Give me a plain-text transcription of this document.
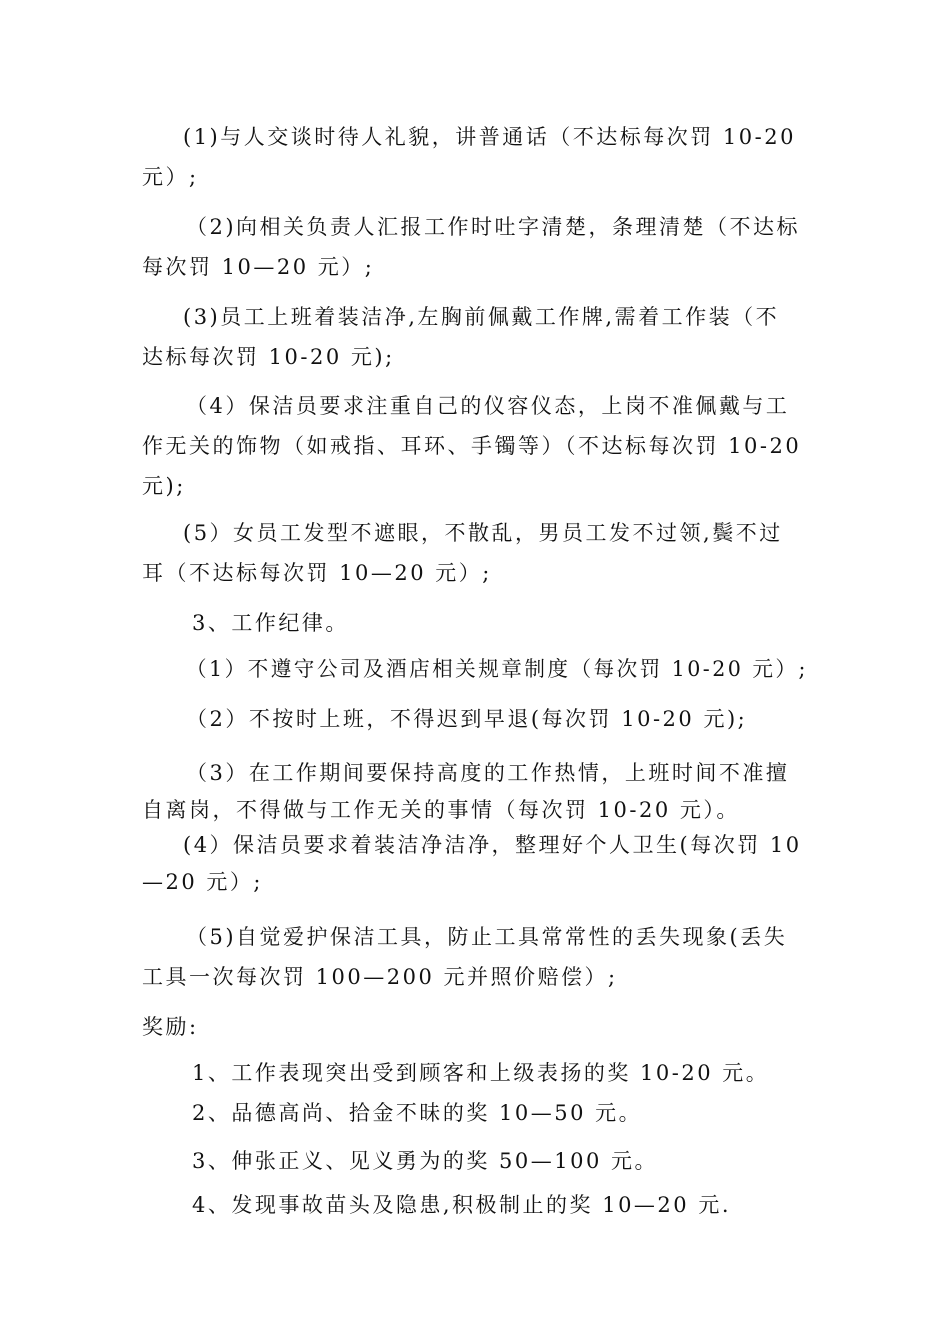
(1)与人交谈时待人礼貌，讲普通话（不达标每次罚 10-20
元）;
（2)向相关负责人汇报工作时吐字清楚，条理清楚（不达标
每次罚 10—20 元）;
(3)员工上班着装洁净,左胸前佩戴工作牌,需着工作装（不
达标每次罚 10-20 元);
（4）保洁员要求注重自己的仪容仪态，上岗不准佩戴与工
作无关的饰物（如戒指、耳环、手镯等）（不达标每次罚 10-20
元);
(5）女员工发型不遮眼，不散乱，男员工发不过领,鬓不过
耳（不达标每次罚 10—20 元）;
3、工作纪律。
（1）不遵守公司及酒店相关规章制度（每次罚 10-20 元）;
（2）不按时上班，不得迟到早退(每次罚 10-20 元);
（3）在工作期间要保持高度的工作热情，上班时间不准擅
自离岗，不得做与工作无关的事情（每次罚 10-20 元）。
(4）保洁员要求着装洁净洁净，整理好个人卫生(每次罚 10
—20 元）;
（5)自觉爱护保洁工具，防止工具常常性的丢失现象(丢失
工具一次每次罚 100—200 元并照价赔偿）;
奖励:
1、工作表现突出受到顾客和上级表扬的奖 10-20 元。
2、品德高尚、拾金不昧的奖 10—50 元。
3、伸张正义、见义勇为的奖 50—100 元。
4、发现事故苗头及隐患,积极制止的奖 10—20 元.
